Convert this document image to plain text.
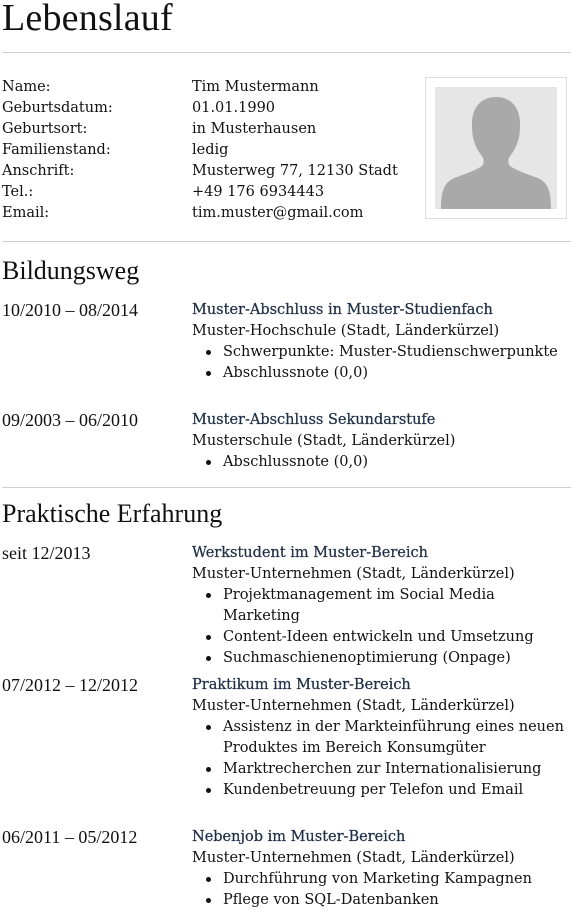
Lebenslauf
Name:	Tim Mustermann
Geburtsdatum:	01.01.1990
Geburtsort:	in Musterhausen
Familienstand:	ledig
Anschrift:	Musterweg 77, 12130 Stadt
Tel.:	+49 176 6934443
Email:	tim.muster@gmail.com
Bildungsweg
10/2010 – 08/2014	Muster-Abschluss in Muster-Studienfach
Muster-Hochschule (Stadt, Länderkürzel)
Schwerpunkte: Muster-Studienschwerpunkte
Abschlussnote (0,0)
09/2003 – 06/2010	Muster-Abschluss Sekundarstufe
Musterschule (Stadt, Länderkürzel)
Abschlussnote (0,0)
Praktische Erfahrung
seit 12/2013	Werkstudent im Muster-Bereich
Muster-Unternehmen (Stadt, Länderkürzel)
Projektmanagement im Social Media Marketing
Content-Ideen entwickeln und Umsetzung
Suchmaschienenoptimierung (Onpage)
07/2012 – 12/2012	Praktikum im Muster-Bereich
Muster-Unternehmen (Stadt, Länderkürzel)
Assistenz in der Markteinführung eines neuen Produktes im Bereich Konsumgüter
Marktrecherchen zur Internationalisierung
Kundenbetreuung per Telefon und Email
06/2011 – 05/2012	Nebenjob im Muster-Bereich
Muster-Unternehmen (Stadt, Länderkürzel)
Durchführung von Marketing Kampagnen
Pflege von SQL-Datenbanken
